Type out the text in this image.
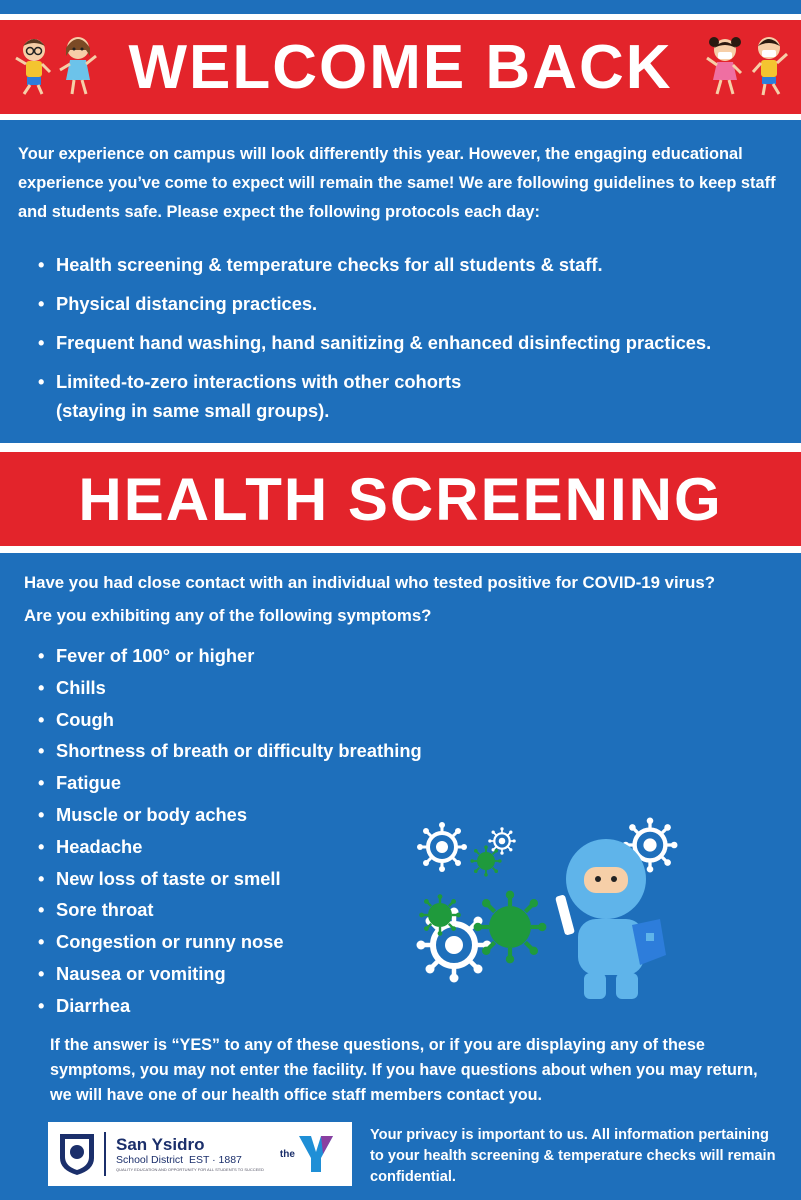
WELCOME BACK

Your experience on campus will look differently this year. However, the engaging educational experience you’ve come to expect will remain the same! We are following guidelines to keep staff and students safe. Please expect the following protocols each day:

• Health screening & temperature checks for all students & staff.
• Physical distancing practices.
• Frequent hand washing, hand sanitizing & enhanced disinfecting practices.
• Limited-to-zero interactions with other cohorts
(staying in same small groups).
HEALTH SCREENING

Have you had close contact with an individual who tested positive for COVID-19 virus?

Are you exhibiting any of the following symptoms?

• Fever of 100° or higher
• Chills
• Cough
• Shortness of breath or difficulty breathing
• Fatigue
• Muscle or body aches
• Headache
• New loss of taste or smell
• Sore throat
• Congestion or runny nose
• Nausea or vomiting
• Diarrhea

If the answer is “YES” to any of these questions, or if you are displaying any of these symptoms, you may not enter the facility. If you have questions about when you may return, we will have one of our health office staff members contact you.

San Ysidro
School District EST · 1887
QUALITY EDUCATION AND OPPORTUNITY FOR ALL STUDENTS TO SUCCEED
the

Your privacy is important to us. All information pertaining to your health screening & temperature checks will remain confidential.
